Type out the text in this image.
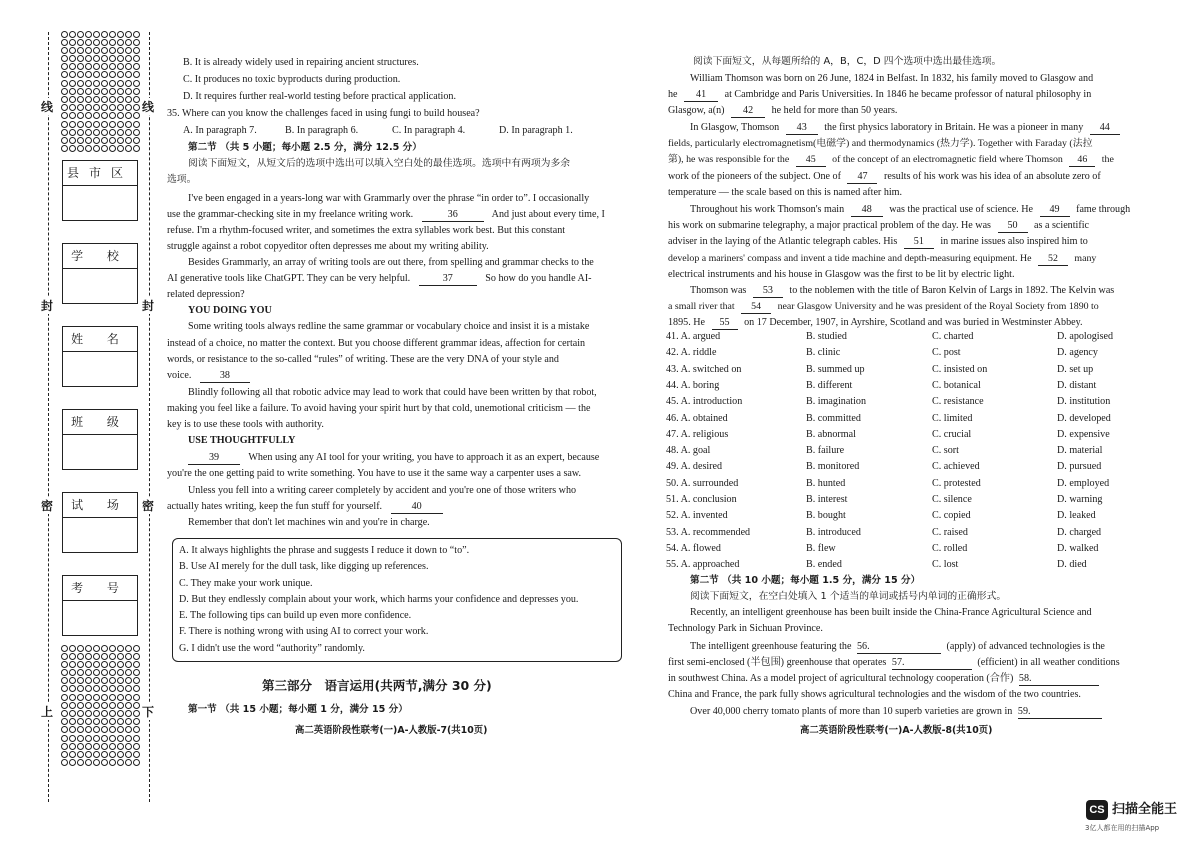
线	线
封	封
密	密
上	下
县市区
学 校
姓 名
班 级
试 场
考 号
B. It is already widely used in repairing ancient structures.
C. It produces no toxic byproducts during production.
D. It requires further real-world testing before practical application.
35. Where can you know the challenges faced in using fungi to build housea?
A. In paragraph 7.	B. In paragraph 6.	C. In paragraph 4.	D. In paragraph 1.
第二节 （共 5 小题；每小题 2.5 分，满分 12.5 分）
阅读下面短文，从短文后的选项中选出可以填入空白处的最佳选项。选项中有两项为多余
选项。
I've been engaged in a years-long war with Grammarly over the phrase “in order to”. I occasionally
use the grammar-checking site in my freelance writing work.	36	And just about every time, I
refuse. I'm a rhythm-focused writer, and sometimes the extra syllables work best. But this constant
struggle against a robot copyeditor often depresses me about my writing ability.
Besides Grammarly, an array of writing tools are out there, from spelling and grammar checks to the
AI generative tools like ChatGPT. They can be very helpful.	37	So how do you handle AI-
related depression?
YOU DOING YOU
Some writing tools always redline the same grammar or vocabulary choice and insist it is a mistake
instead of a choice, no matter the context. But you choose different grammar ideas, affection for certain
words, or resistance to the so-called “rules” of writing. These are the very DNA of your style and
voice.	38
Blindly following all that robotic advice may lead to work that could have been written by that robot,
making you feel like a failure. To avoid having your spirit hurt by that cold, unemotional criticism — the
key is to use these tools with authority.
USE THOUGHTFULLY
39	When using any AI tool for your writing, you have to approach it as an expert, because
you're the one getting paid to write something. You have to use it the same way a carpenter uses a saw.
Unless you fell into a writing career completely by accident and you're one of those writers who
actually hates writing, keep the fun stuff for yourself.	40
Remember that don't let machines win and you're in charge.
A. It always highlights the phrase and suggests I reduce it down to “to”.
B. Use AI merely for the dull task, like digging up references.
C. They make your work unique.
D. But they endlessly complain about your work, which harms your confidence and depresses you.
E. The following tips can build up even more confidence.
F. There is nothing wrong with using AI to correct your work.
G. I didn't use the word “authority” randomly.
第三部分　语言运用(共两节,满分 30 分)
第一节 （共 15 小题；每小题 1 分，满分 15 分）
高二英语阶段性联考(一)A-人教版-7(共10页)
阅读下面短文，从每题所给的 A，B，C，D 四个选项中选出最佳选项。
William Thomson was born on 26 June, 1824 in Belfast. In 1832, his family moved to Glasgow and
he 41 at Cambridge and Paris Universities. In 1846 he became professor of natural philosophy in
Glasgow, a(n) 42 he held for more than 50 years.
In Glasgow, Thomson 43 the first physics laboratory in Britain. He was a pioneer in many 44
fields, particularly electromagnetism(电磁学) and thermodynamics (热力学). Together with Faraday (法拉
第), he was responsible for the 45 of the concept of an electromagnetic field where Thomson 46 the
work of the pioneers of the subject. One of 47 results of his work was his idea of an absolute zero of
temperature — the scale based on this is named after him.
Throughout his work Thomson's main 48 was the practical use of science. He 49 fame through
his work on submarine telegraphy, a major practical problem of the day. He was 50 as a scientific
adviser in the laying of the Atlantic telegraph cables. His 51 in marine issues also inspired him to
develop a mariners' compass and invent a tide machine and depth-measuring equipment. He 52 many
electrical instruments and his house in Glasgow was the first to be lit by electric light.
Thomson was 53 to the noblemen with the title of Baron Kelvin of Largs in 1892. The Kelvin was
a small river that 54 near Glasgow University and he was president of the Royal Society from 1890 to
1895. He 55 on 17 December, 1907, in Ayrshire, Scotland and was buried in Westminster Abbey.
41. A. argued	B. studied	C. charted	D. apologised
42. A. riddle	B. clinic	C. post	D. agency
43. A. switched on	B. summed up	C. insisted on	D. set up
44. A. boring	B. different	C. botanical	D. distant
45. A. introduction	B. imagination	C. resistance	D. institution
46. A. obtained	B. committed	C. limited	D. developed
47. A. religious	B. abnormal	C. crucial	D. expensive
48. A. goal	B. failure	C. sort	D. material
49. A. desired	B. monitored	C. achieved	D. pursued
50. A. surrounded	B. hunted	C. protested	D. employed
51. A. conclusion	B. interest	C. silence	D. warning
52. A. invented	B. bought	C. copied	D. leaked
53. A. recommended	B. introduced	C. raised	D. charged
54. A. flowed	B. flew	C. rolled	D. walked
55. A. approached	B. ended	C. lost	D. died
第二节 （共 10 小题；每小题 1.5 分，满分 15 分）
阅读下面短文，在空白处填入 1 个适当的单词或括号内单词的正确形式。
Recently, an intelligent greenhouse has been built inside the China-France Agricultural Science and
Technology Park in Sichuan Province.
The intelligent greenhouse featuring the 56.	(apply) of advanced technologies is the
first semi-enclosed (半包围) greenhouse that operates 57.	(efficient) in all weather conditions
in southwest China. As a model project of agricultural technology cooperation (合作) 58.
China and France, the park fully shows agricultural technologies and the wisdom of the two countries.
Over 40,000 cherry tomato plants of more than 10 superb varieties are grown in 59.
高二英语阶段性联考(一)A-人教版-8(共10页)
CS 扫描全能王
3亿人都在用的扫描App
